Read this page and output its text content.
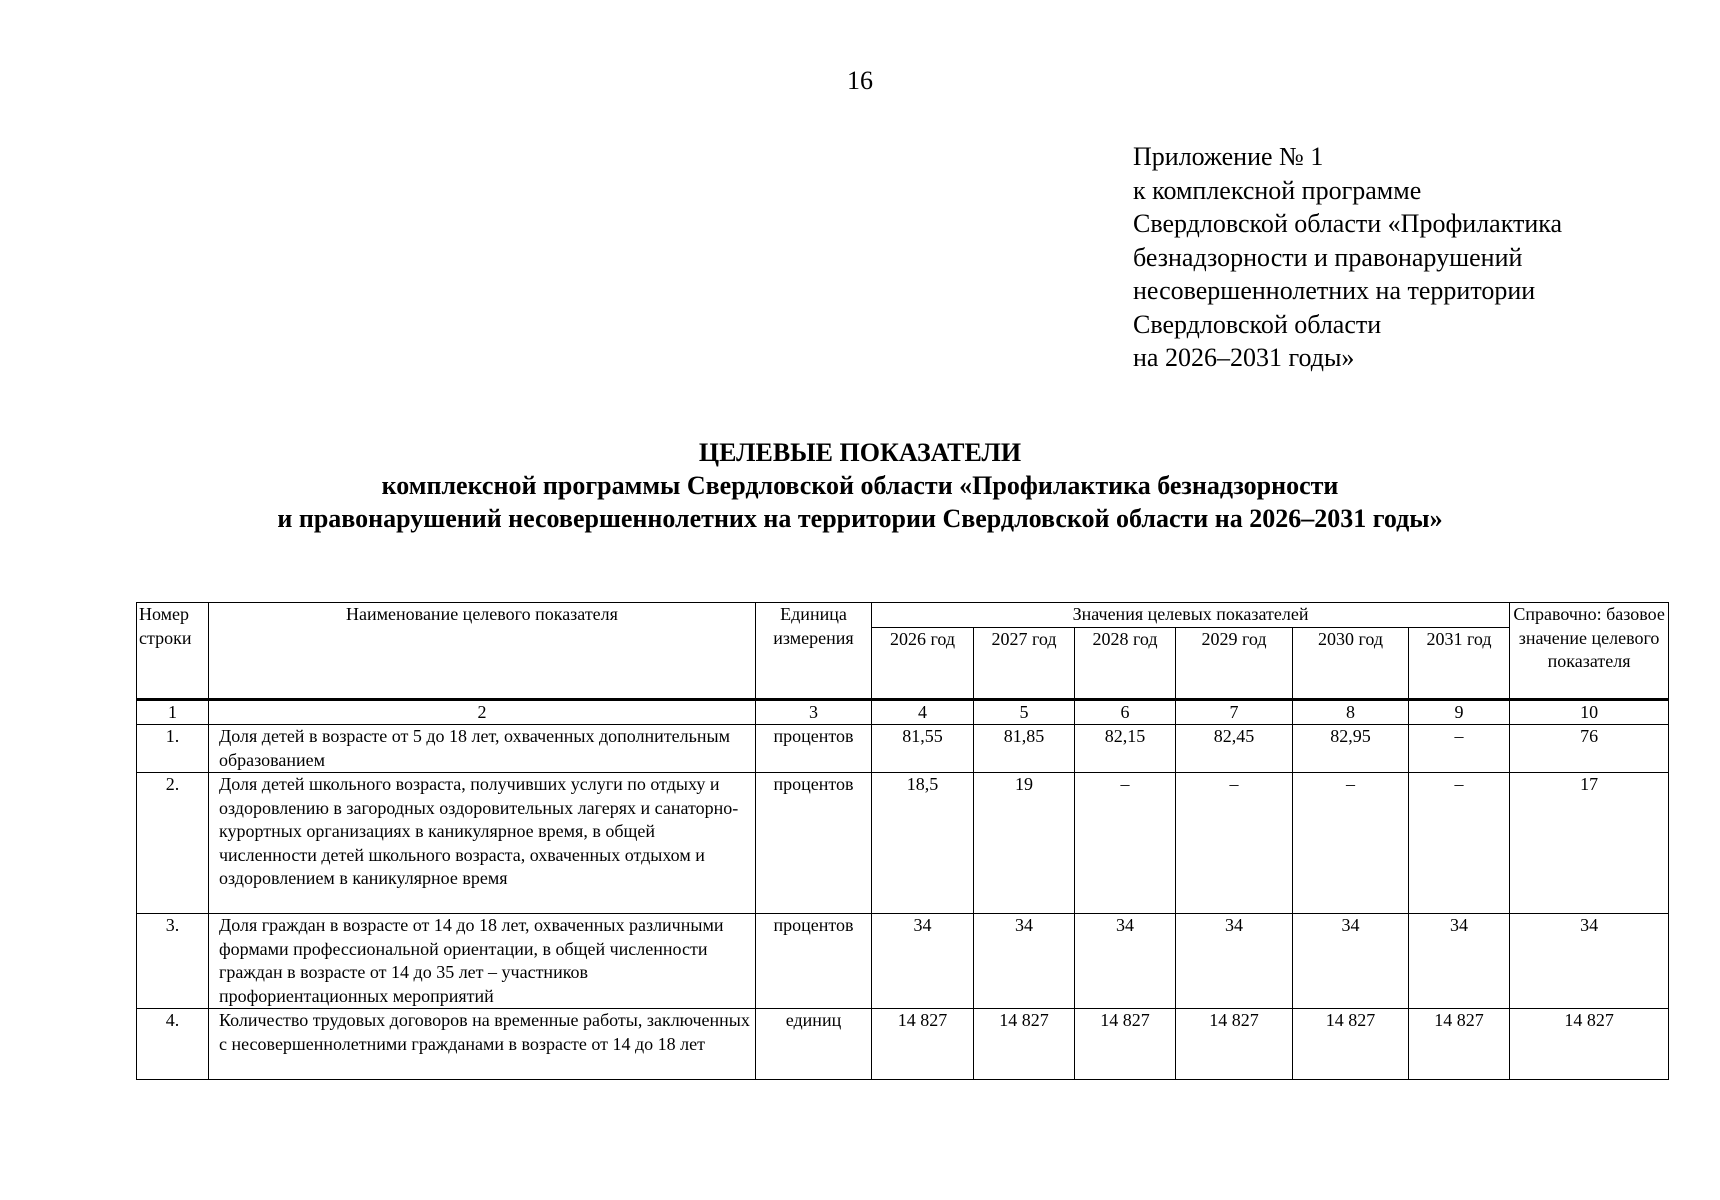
16
Приложение № 1
к комплексной программе
Свердловской области «Профилактика
безнадзорности и правонарушений
несовершеннолетних на территории
Свердловской области
на 2026–2031 годы»
ЦЕЛЕВЫЕ ПОКАЗАТЕЛИ
комплексной программы Свердловской области «Профилактика безнадзорности
и правонарушений несовершеннолетних на территории Свердловской области на 2026–2031 годы»
Номер строки	Наименование целевого показателя	Единица измерения	Значения целевых показателей						Справочно: базовое значение целевого показателя
			2026 год	2027 год	2028 год	2029 год	2030 год	2031 год	
1	2	3	4	5	6	7	8	9	10
1.	Доля детей в возрасте от 5 до 18 лет, охваченных дополнительным образованием	процентов	81,55	81,85	82,15	82,45	82,95	–	76
2.	Доля детей школьного возраста, получивших услуги по отдыху и оздоровлению в загородных оздоровительных лагерях и санаторно-курортных организациях в каникулярное время, в общей численности детей школьного возраста, охваченных отдыхом и оздоровлением в каникулярное время	процентов	18,5	19	–	–	–	–	17
3.	Доля граждан в возрасте от 14 до 18 лет, охваченных различными формами профессиональной ориентации, в общей численности граждан в возрасте от 14 до 35 лет – участников профориентационных мероприятий	процентов	34	34	34	34	34	34	34
4.	Количество трудовых договоров на временные работы, заключенных с несовершеннолетними гражданами в возрасте от 14 до 18 лет	единиц	14 827	14 827	14 827	14 827	14 827	14 827	14 827
